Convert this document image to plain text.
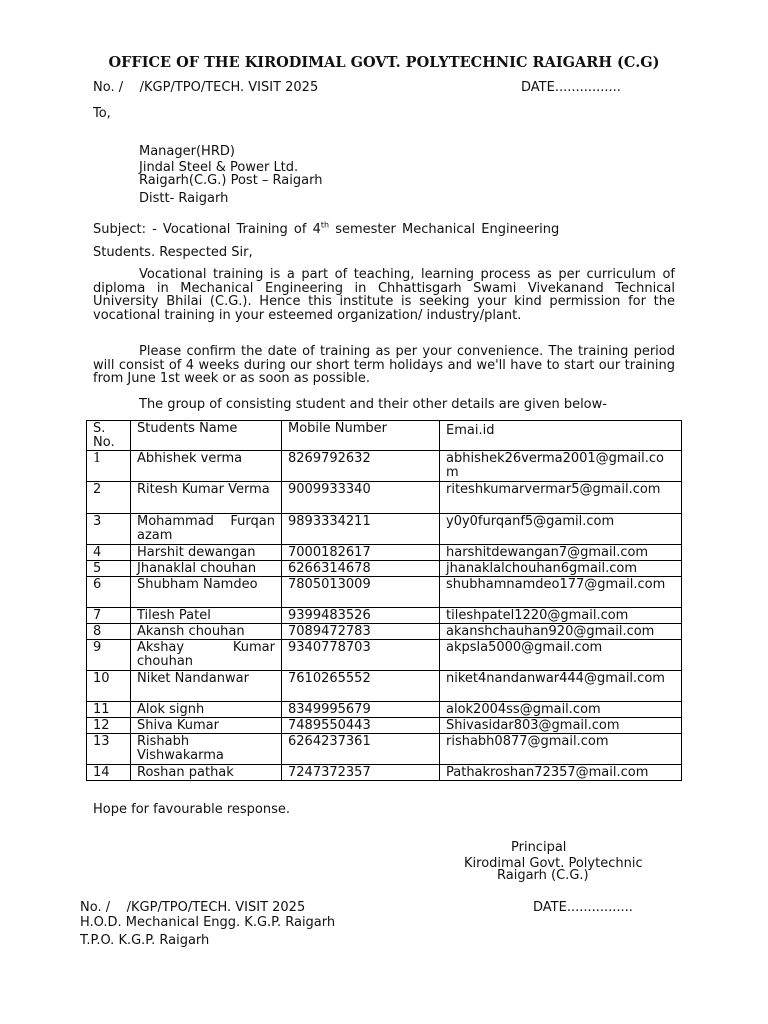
OFFICE OF THE KIRODIMAL GOVT. POLYTECHNIC RAIGARH (C.G)
No. /    /KGP/TPO/TECH. VISIT 2025	DATE................
To,
Manager(HRD)
Jindal Steel & Power Ltd.
Raigarh(C.G.) Post – Raigarh
Distt- Raigarh
Subject: - Vocational Training of 4th semester Mechanical Engineering
Students. Respected Sir,
Vocational training is a part of teaching, learning process as per curriculum of diploma in Mechanical Engineering in Chhattisgarh Swami Vivekanand Technical University Bhilai (C.G.). Hence this institute is seeking your kind permission for the vocational training in your esteemed organization/ industry/plant.
Please confirm the date of training as per your convenience. The training period will consist of 4 weeks during our short term holidays and we'll have to start our training from June 1st week or as soon as possible.
The group of consisting student and their other details are given below-
S. No.	Students Name	Mobile Number	Emai.id
1	Abhishek verma	8269792632	abhishek26verma2001@gmail.com
2	Ritesh Kumar Verma	9009933340	riteshkumarvermar5@gmail.com
3	Mohammad Furqan azam	9893334211	y0y0furqanf5@gamil.com
4	Harshit dewangan	7000182617	harshitdewangan7@gmail.com
5	Jhanaklal chouhan	6266314678	jhanaklalchouhan6gmail.com
6	Shubham Namdeo	7805013009	shubhamnamdeo177@gmail.com
7	Tilesh Patel	9399483526	tileshpatel1220@gmail.com
8	Akansh chouhan	7089472783	akanshchauhan920@gmail.com
9	Akshay Kumar chouhan	9340778703	akpsla5000@gmail.com
10	Niket Nandanwar	7610265552	niket4nandanwar444@gmail.com
11	Alok signh	8349995679	alok2004ss@gmail.com
12	Shiva Kumar	7489550443	Shivasidar803@gmail.com
13	Rishabh Vishwakarma	6264237361	rishabh0877@gmail.com
14	Roshan pathak	7247372357	Pathakroshan72357@mail.com
Hope for favourable response.
Principal
Kirodimal Govt. Polytechnic
Raigarh (C.G.)
No. /    /KGP/TPO/TECH. VISIT 2025	DATE................
H.O.D. Mechanical Engg. K.G.P. Raigarh
T.P.O. K.G.P. Raigarh
